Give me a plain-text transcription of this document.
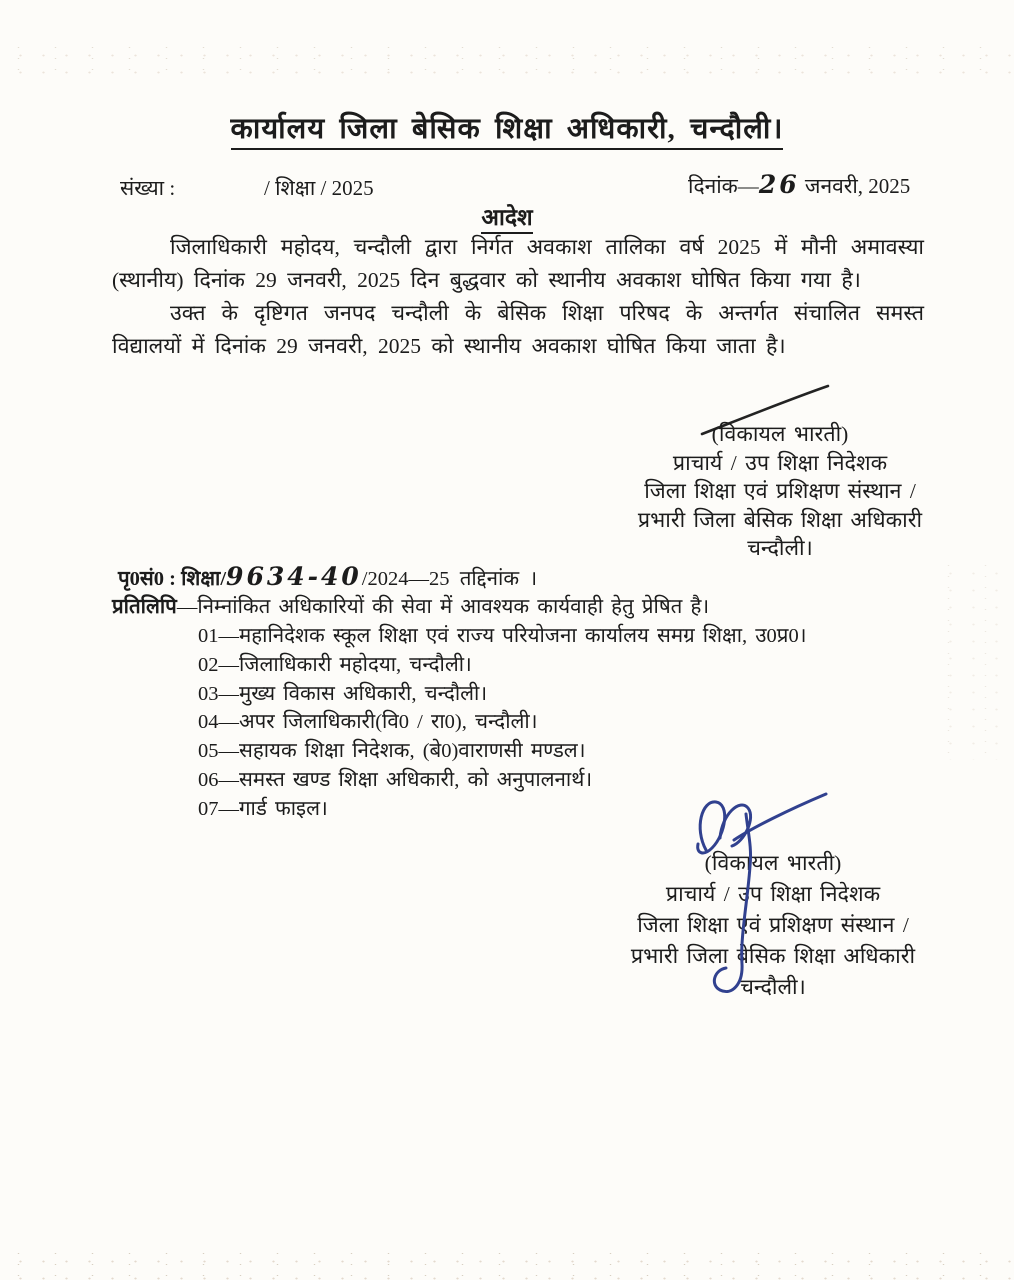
कार्यालय जिला बेसिक शिक्षा अधिकारी, चन्दौली।
संख्या :	/ शिक्षा / 2025	दिनांक—26 जनवरी, 2025
आदेश

जिलाधिकारी महोदय, चन्दौली द्वारा निर्गत अवकाश तालिका वर्ष 2025 में मौनी अमावस्या (स्थानीय) दिनांक 29 जनवरी, 2025 दिन बुद्धवार को स्थानीय अवकाश घोषित किया गया है।

उक्त के दृष्टिगत जनपद चन्दौली के बेसिक शिक्षा परिषद के अन्तर्गत संचालित समस्त विद्यालयों में दिनांक 29 जनवरी, 2025 को स्थानीय अवकाश घोषित किया जाता है।

(विकायल भारती)
प्राचार्य / उप शिक्षा निदेशक
जिला शिक्षा एवं प्रशिक्षण संस्थान /
प्रभारी जिला बेसिक शिक्षा अधिकारी
चन्दौली।
पृ0सं0 : शिक्षा/9634-40/2024—25  तद्दिनांक  ।
प्रतिलिपि—निम्नांकित अधिकारियों की सेवा में आवश्यक कार्यवाही हेतु प्रेषित है।
01—महानिदेशक स्कूल शिक्षा एवं राज्य परियोजना कार्यालय समग्र शिक्षा, उ0प्र0।
02—जिलाधिकारी महोदया, चन्दौली।
03—मुख्य विकास अधिकारी, चन्दौली।
04—अपर जिलाधिकारी(वि0 / रा0), चन्दौली।
05—सहायक शिक्षा निदेशक, (बे0)वाराणसी मण्डल।
06—समस्त खण्ड शिक्षा अधिकारी, को अनुपालनार्थ।
07—गार्ड फाइल।
(विकायल भारती)
प्राचार्य / उप शिक्षा निदेशक
जिला शिक्षा एवं प्रशिक्षण संस्थान /
प्रभारी जिला बेसिक शिक्षा अधिकारी
चन्दौली।
